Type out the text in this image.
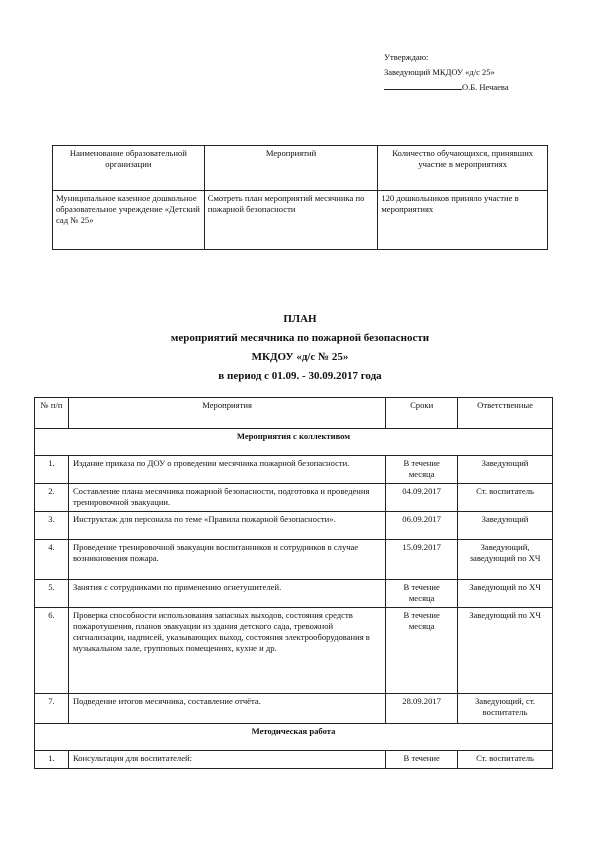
Утверждаю:
Заведующий МКДОУ «д/с 25»
О.Б. Нечаева
Наименование образовательной организации	Мероприятий	Количество обучающихся, принявших участие в мероприятиях
Муниципальное казенное дошкольное образовательное учреждение «Детский сад № 25»	Смотреть план мероприятий месячника по пожарной безопасности	120 дошкольников приняло участие в мероприятиях
ПЛАН
мероприятий месячника по пожарной безопасности
МКДОУ «д/с № 25»
в период с 01.09. - 30.09.2017 года
№ п/п	Мероприятия	Сроки	Ответственные
Мероприятия с коллективом			
1.	Издание приказа по ДОУ о проведении месячника пожарной безопасности.	В течение месяца	Заведующий
2.	Составление плана месячника пожарной безопасности, подготовка и проведения тренировочной эвакуации.	04.09.2017	Ст. воспитатель
3.	Инструктаж для персонала по теме «Правила пожарной безопасности».	06.09.2017	Заведующий
4.	Проведение тренировочной эвакуации воспитанников и сотрудников в случае возникновения пожара.	15.09.2017	Заведующий, заведующий по ХЧ
5.	Занятия с сотрудниками по применению огнетушителей.	В течение месяца	Заведующий по ХЧ
6.	Проверка способности использования запасных выходов, состояния средств пожаротушения, планов эвакуации из здания детского сада, тревожной сигнализации, надписей, указывающих выход, состояния электрооборудования в музыкальном зале, групповых помещениях, кухне и др.	В течение месяца	Заведующий по ХЧ
7.	Подведение итогов месячника, составление отчёта.	28.09.2017	Заведующий, ст. воспитатель
Методическая работа			
1.	Консультация для воспитателей:	В течение	Ст. воспитатель
